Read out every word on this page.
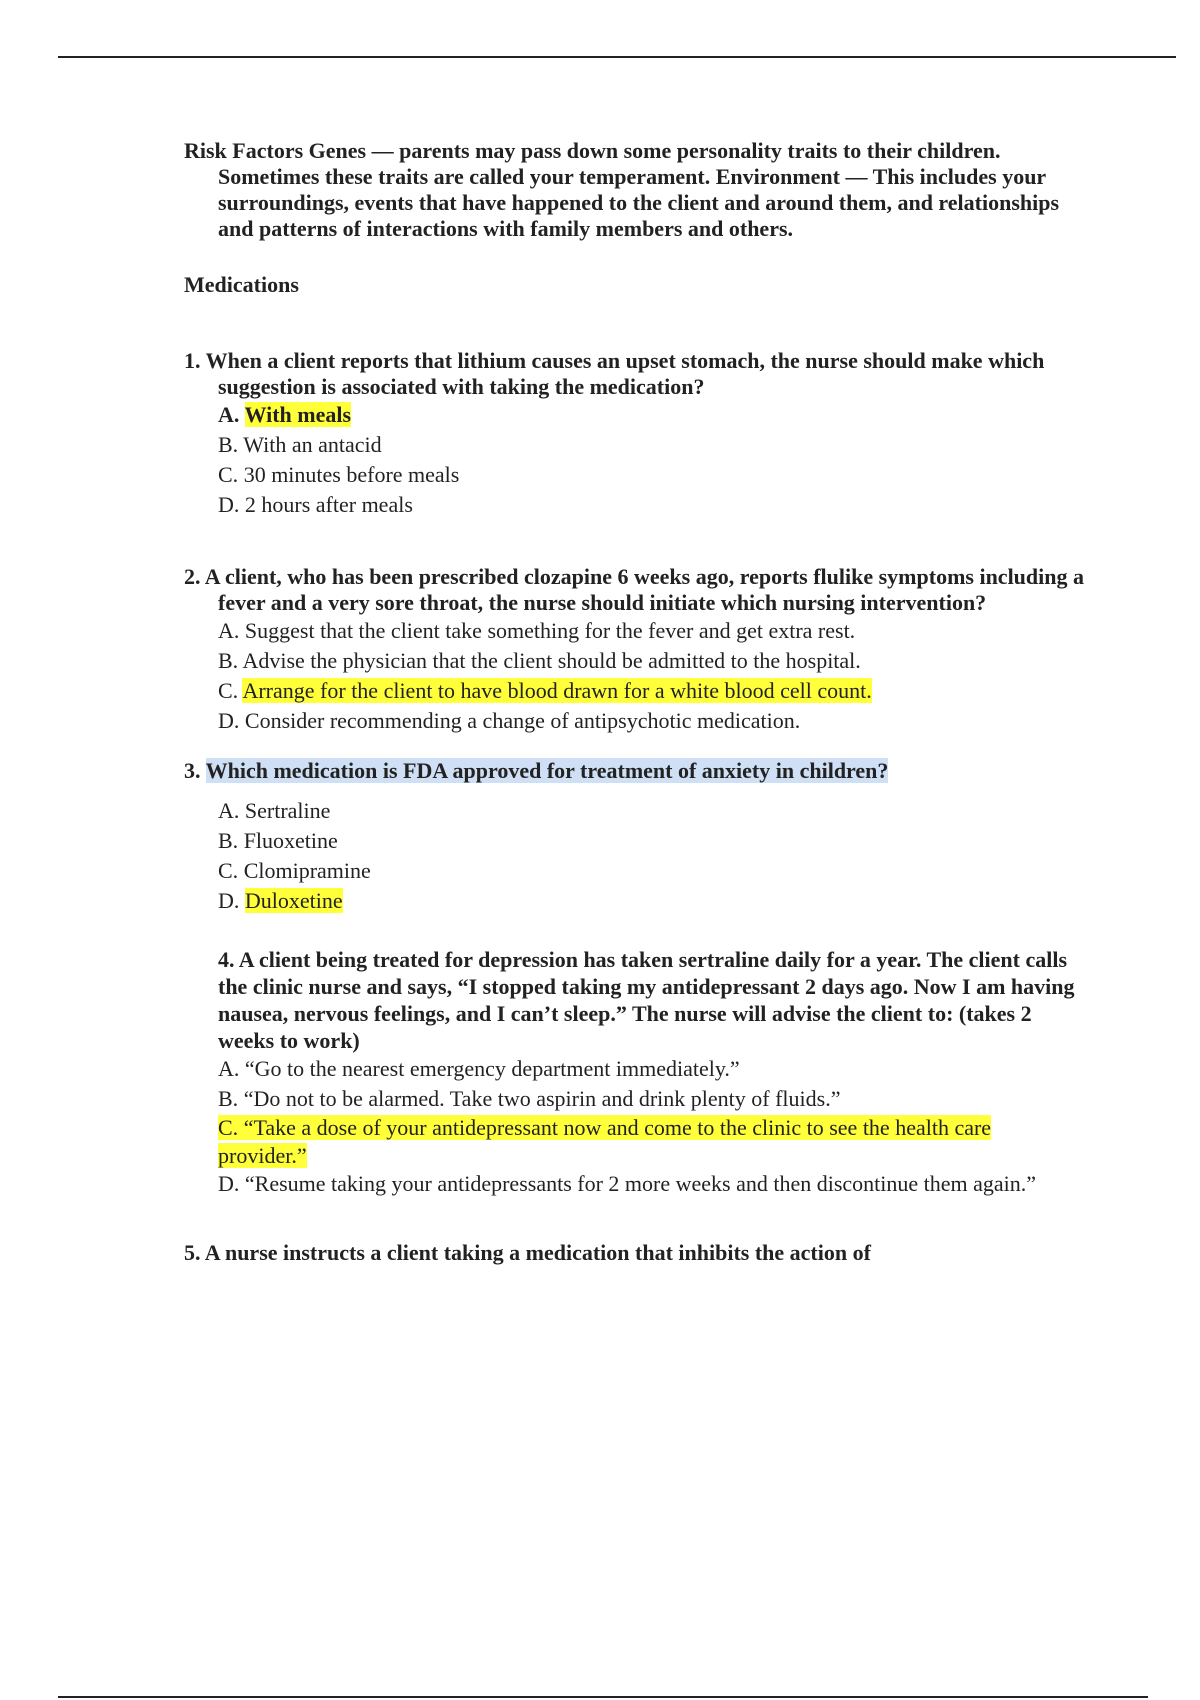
Risk Factors Genes — parents may pass down some personality traits to their children. Sometimes these traits are called your temperament. Environment — This includes your surroundings, events that have happened to the client and around them, and relationships and patterns of interactions with family members and others.

Medications

1. When a client reports that lithium causes an upset stomach, the nurse should make which suggestion is associated with taking the medication?

A. With meals
B. With an antacid
C. 30 minutes before meals
D. 2 hours after meals

2. A client, who has been prescribed clozapine 6 weeks ago, reports flulike symptoms including a fever and a very sore throat, the nurse should initiate which nursing intervention?

A. Suggest that the client take something for the fever and get extra rest.
B. Advise the physician that the client should be admitted to the hospital.
C. Arrange for the client to have blood drawn for a white blood cell count.
D. Consider recommending a change of antipsychotic medication.

3. Which medication is FDA approved for treatment of anxiety in children?

A. Sertraline
B. Fluoxetine
C. Clomipramine
D. Duloxetine

4. A client being treated for depression has taken sertraline daily for a year. The client calls the clinic nurse and says, “I stopped taking my antidepressant 2 days ago. Now I am having nausea, nervous feelings, and I can’t sleep.” The nurse will advise the client to: (takes 2 weeks to work)

A. “Go to the nearest emergency department immediately.”
B. “Do not to be alarmed. Take two aspirin and drink plenty of fluids.”
C. “Take a dose of your antidepressant now and come to the clinic to see the health care provider.”
D. “Resume taking your antidepressants for 2 more weeks and then discontinue them again.”

5. A nurse instructs a client taking a medication that inhibits the action of
